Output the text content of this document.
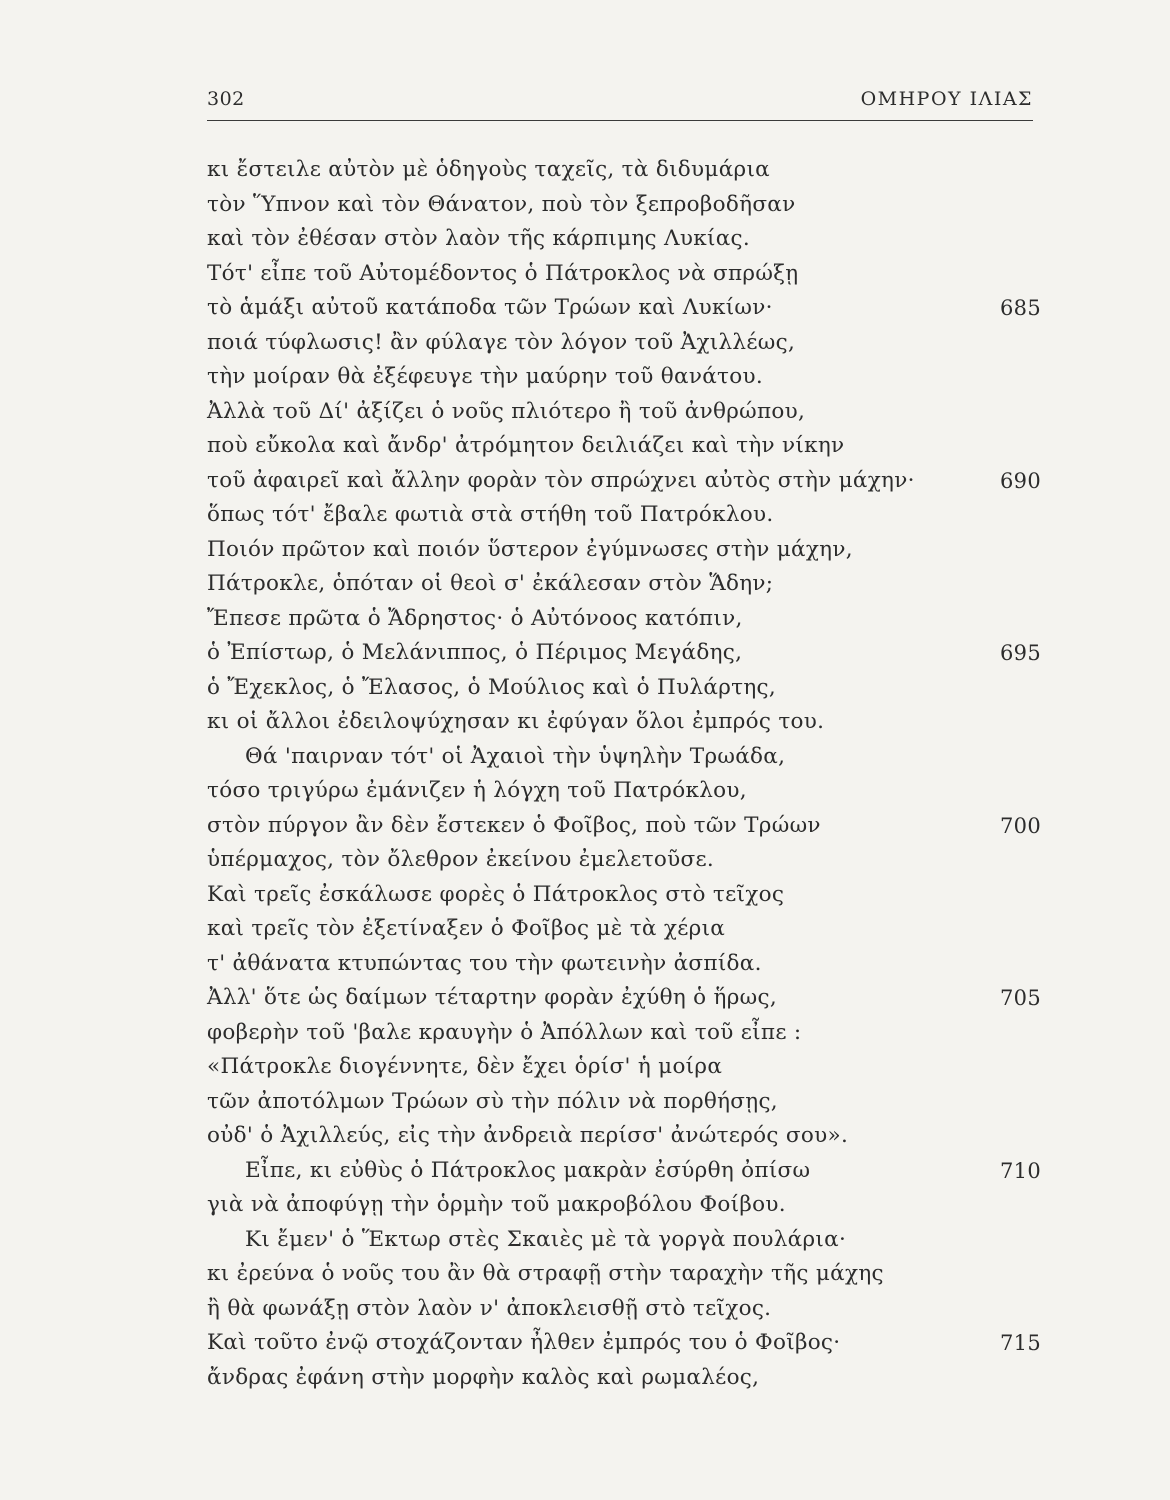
302	ΟΜΗΡΟΥ ΙΛΙΑΣ
κι ἔστειλε αὐτὸν μὲ ὁδηγοὺς ταχεῖς, τὰ διδυμάρια
τὸν Ὕπνον καὶ τὸν Θάνατον, ποὺ τὸν ξεπροβοδῆσαν
καὶ τὸν ἐθέσαν στὸν λαὸν τῆς κάρπιμης Λυκίας.
Τότ' εἶπε τοῦ Αὐτομέδοντος ὁ Πάτροκλος νὰ σπρώξῃ
τὸ ἁμάξι αὐτοῦ κατάποδα τῶν Τρώων καὶ Λυκίων·	685
ποιά τύφλωσις! ἂν φύλαγε τὸν λόγον τοῦ Ἀχιλλέως,
τὴν μοίραν θὰ ἐξέφευγε τὴν μαύρην τοῦ θανάτου.
Ἀλλὰ τοῦ Δί' ἀξίζει ὁ νοῦς πλιότερο ἢ τοῦ ἀνθρώπου,
ποὺ εὔκολα καὶ ἄνδρ' ἀτρόμητον δειλιάζει καὶ τὴν νίκην
τοῦ ἀφαιρεῖ καὶ ἄλλην φορὰν τὸν σπρώχνει αὐτὸς στὴν μάχην·	690
ὅπως τότ' ἔβαλε φωτιὰ στὰ στήθη τοῦ Πατρόκλου.
Ποιόν πρῶτον καὶ ποιόν ὕστερον ἐγύμνωσες στὴν μάχην,
Πάτροκλε, ὁπόταν οἱ θεοὶ σ' ἐκάλεσαν στὸν Ἅδην;
Ἔπεσε πρῶτα ὁ Ἄδρηστος· ὁ Αὐτόνοος κατόπιν,
ὁ Ἐπίστωρ, ὁ Μελάνιππος, ὁ Πέριμος Μεγάδης,	695
ὁ Ἔχεκλος, ὁ Ἔλασος, ὁ Μούλιος καὶ ὁ Πυλάρτης,
κι οἱ ἄλλοι ἐδειλοψύχησαν κι ἐφύγαν ὅλοι ἐμπρός του.
Θά 'παιρναν τότ' οἱ Ἀχαιοὶ τὴν ὑψηλὴν Τρωάδα,
τόσο τριγύρω ἐμάνιζεν ἡ λόγχη τοῦ Πατρόκλου,
στὸν πύργον ἂν δὲν ἔστεκεν ὁ Φοῖβος, ποὺ τῶν Τρώων	700
ὑπέρμαχος, τὸν ὄλεθρον ἐκείνου ἐμελετοῦσε.
Καὶ τρεῖς ἐσκάλωσε φορὲς ὁ Πάτροκλος στὸ τεῖχος
καὶ τρεῖς τὸν ἐξετίναξεν ὁ Φοῖβος μὲ τὰ χέρια
τ' ἀθάνατα κτυπώντας του τὴν φωτεινὴν ἀσπίδα.
Ἀλλ' ὅτε ὡς δαίμων τέταρτην φορὰν ἐχύθη ὁ ἥρως,	705
φοβερὴν τοῦ 'βαλε κραυγὴν ὁ Ἀπόλλων καὶ τοῦ εἶπε :
«Πάτροκλε διογέννητε, δὲν ἔχει ὁρίσ' ἡ μοίρα
τῶν ἀποτόλμων Τρώων σὺ τὴν πόλιν νὰ πορθήσῃς,
οὐδ' ὁ Ἀχιλλεύς, εἰς τὴν ἀνδρειὰ περίσσ' ἀνώτερός σου».
Εἶπε, κι εὐθὺς ὁ Πάτροκλος μακρὰν ἐσύρθη ὀπίσω	710
γιὰ νὰ ἀποφύγῃ τὴν ὁρμὴν τοῦ μακροβόλου Φοίβου.
Κι ἔμεν' ὁ Ἕκτωρ στὲς Σκαιὲς μὲ τὰ γοργὰ πουλάρια·
κι ἐρεύνα ὁ νοῦς του ἂν θὰ στραφῇ στὴν ταραχὴν τῆς μάχης
ἢ θὰ φωνάξῃ στὸν λαὸν ν' ἀποκλεισθῇ στὸ τεῖχος.
Καὶ τοῦτο ἐνῷ στοχάζονταν ἦλθεν ἐμπρός του ὁ Φοῖβος·	715
ἄνδρας ἐφάνη στὴν μορφὴν καλὸς καὶ ρωμαλέος,
